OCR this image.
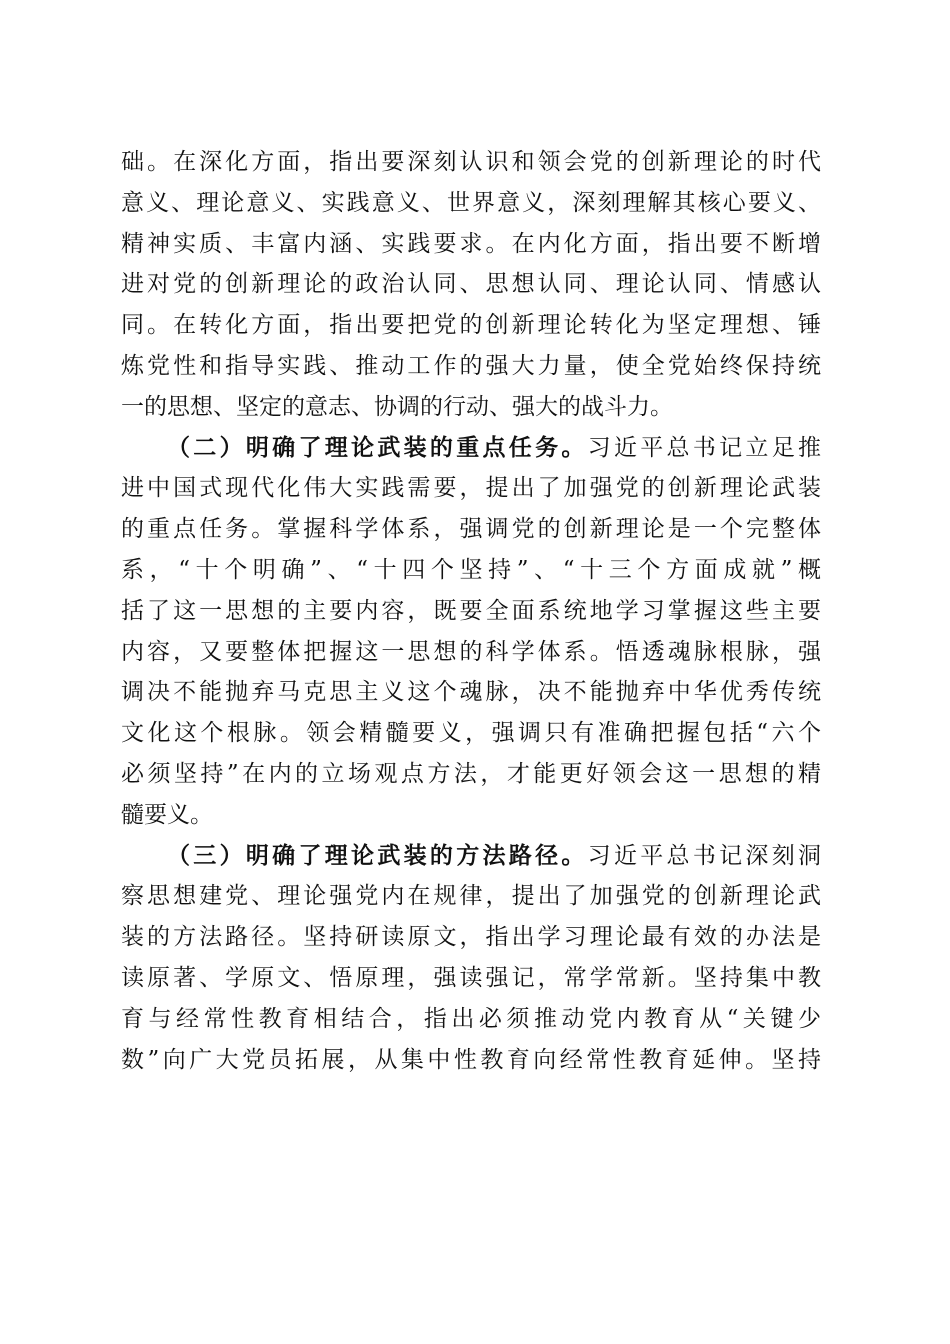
础。在深化方面，指出要深刻认识和领会党的创新理论的时代
意义、理论意义、实践意义、世界意义，深刻理解其核心要义、
精神实质、丰富内涵、实践要求。在内化方面，指出要不断增
进对党的创新理论的政治认同、思想认同、理论认同、情感认
同。在转化方面，指出要把党的创新理论转化为坚定理想、锤
炼党性和指导实践、推动工作的强大力量，使全党始终保持统
一的思想、坚定的意志、协调的行动、强大的战斗力。
（二）明确了理论武装的重点任务。习近平总书记立足推
进中国式现代化伟大实践需要，提出了加强党的创新理论武装
的重点任务。掌握科学体系，强调党的创新理论是一个完整体
系，“十个明确”、“十四个坚持”、“十三个方面成就”概
括了这一思想的主要内容，既要全面系统地学习掌握这些主要
内容，又要整体把握这一思想的科学体系。悟透魂脉根脉，强
调决不能抛弃马克思主义这个魂脉，决不能抛弃中华优秀传统
文化这个根脉。领会精髓要义，强调只有准确把握包括“六个
必须坚持”在内的立场观点方法，才能更好领会这一思想的精
髓要义。
（三）明确了理论武装的方法路径。习近平总书记深刻洞
察思想建党、理论强党内在规律，提出了加强党的创新理论武
装的方法路径。坚持研读原文，指出学习理论最有效的办法是
读原著、学原文、悟原理，强读强记，常学常新。坚持集中教
育与经常性教育相结合，指出必须推动党内教育从“关键少
数”向广大党员拓展，从集中性教育向经常性教育延伸。坚持
